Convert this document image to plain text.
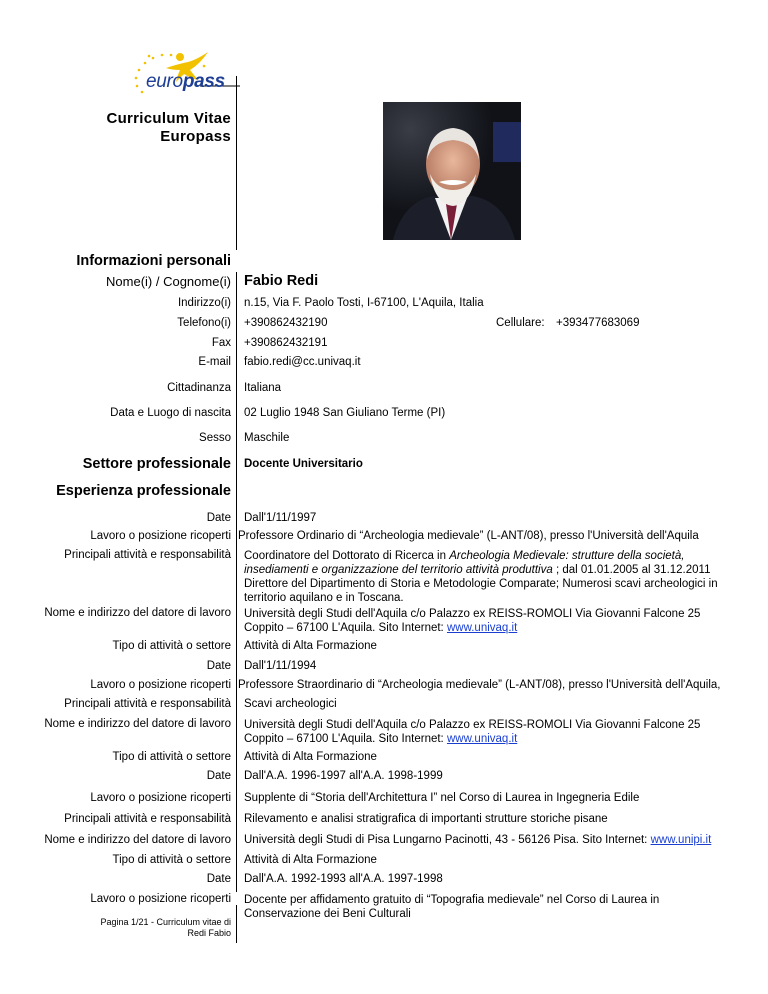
europass
Curriculum Vitae
Europass
Informazioni personali
Nome(i) / Cognome(i) Fabio Redi
Indirizzo(i) n.15, Via F. Paolo Tosti, I-67100, L'Aquila, Italia
Telefono(i) +390862432190	Cellulare: +393477683069
Fax +390862432191
E-mail fabio.redi@cc.univaq.it
Cittadinanza Italiana
Data e Luogo di nascita 02 Luglio 1948 San Giuliano Terme (PI)
Sesso Maschile
Settore professionale Docente Universitario
Esperienza professionale
Date Dall'1/11/1997
Lavoro o posizione ricoperti Professore Ordinario di “Archeologia medievale” (L-ANT/08), presso l'Università dell'Aquila
Principali attività e responsabilità Coordinatore del Dottorato di Ricerca in Archeologia Medievale: strutture della società, insediamenti e organizzazione del territorio attività produttiva ; dal 01.01.2005 al 31.12.2011 Direttore del Dipartimento di Storia e Metodologie Comparate; Numerosi scavi archeologici in territorio aquilano e in Toscana.
Nome e indirizzo del datore di lavoro Università degli Studi dell'Aquila c/o Palazzo ex REISS-ROMOLI Via Giovanni Falcone 25 Coppito – 67100 L'Aquila. Sito Internet: www.univaq.it
Tipo di attività o settore Attività di Alta Formazione
Date Dall'1/11/1994
Lavoro o posizione ricoperti Professore Straordinario di “Archeologia medievale” (L-ANT/08), presso l'Università dell'Aquila,
Principali attività e responsabilità Scavi archeologici
Nome e indirizzo del datore di lavoro Università degli Studi dell'Aquila c/o Palazzo ex REISS-ROMOLI Via Giovanni Falcone 25 Coppito – 67100 L'Aquila. Sito Internet: www.univaq.it
Tipo di attività o settore Attività di Alta Formazione
Date Dall'A.A. 1996-1997 all'A.A. 1998-1999
Lavoro o posizione ricoperti Supplente di “Storia dell'Architettura I” nel Corso di Laurea in Ingegneria Edile
Principali attività e responsabilità Rilevamento e analisi stratigrafica di importanti strutture storiche pisane
Nome e indirizzo del datore di lavoro Università degli Studi di Pisa Lungarno Pacinotti, 43 - 56126 Pisa. Sito Internet: www.unipi.it
Tipo di attività o settore Attività di Alta Formazione
Date Dall'A.A. 1992-1993 all'A.A. 1997-1998
Lavoro o posizione ricoperti Docente per affidamento gratuito di “Topografia medievale” nel Corso di Laurea in Conservazione dei Beni Culturali
Pagina 1/21 - Curriculum vitae di
Redi Fabio
